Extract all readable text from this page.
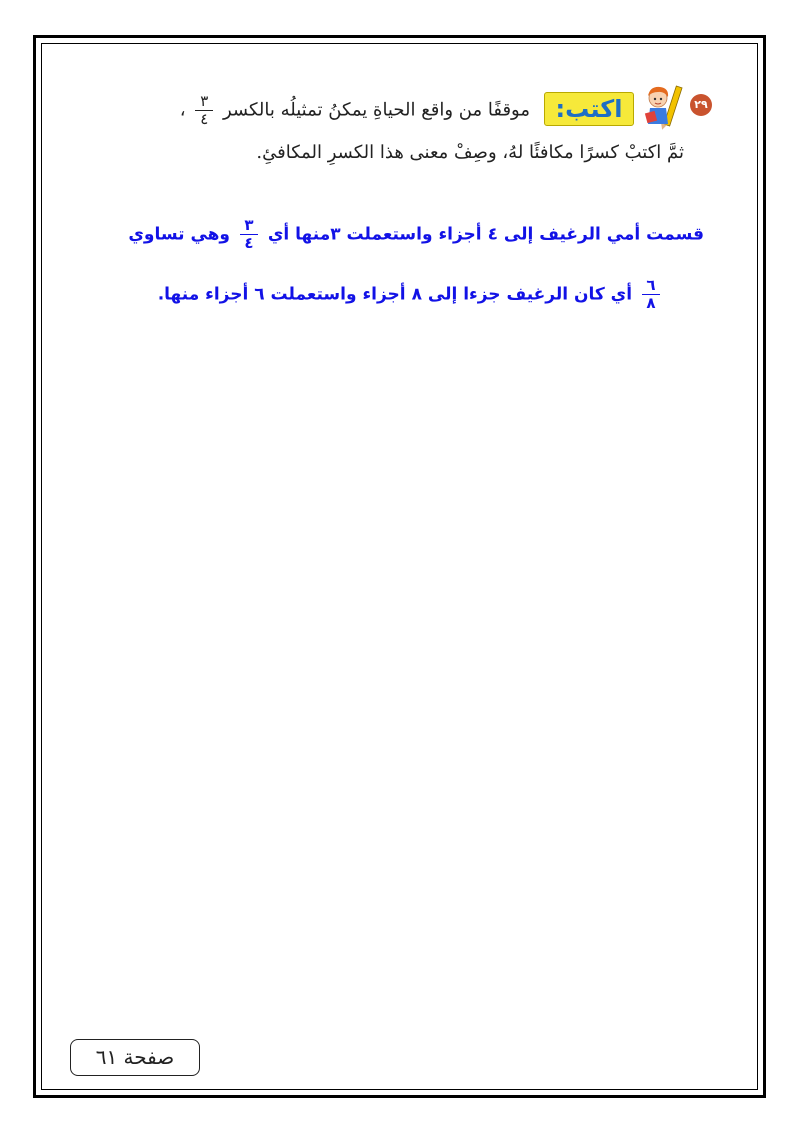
٢٩
اكتب:
موقفًا من واقع الحياةِ يمكنُ تمثيلُه بالكسر
$\frac{٣}{٤}$
،
ثمَّ اكتبْ كسرًا مكافئًا لهُ، وصِفْ معنى هذا الكسرِ المكافئِ.
قسمت أمي الرغيف إلى ٤ أجزاء واستعملت ٣منها أي
$\frac{٣}{٤}$
وهي تساوي
$\frac{٦}{٨}$
أي كان الرغيف جزءا إلى ٨ أجزاء واستعملت ٦ أجزاء منها.
صفحة ٦١
